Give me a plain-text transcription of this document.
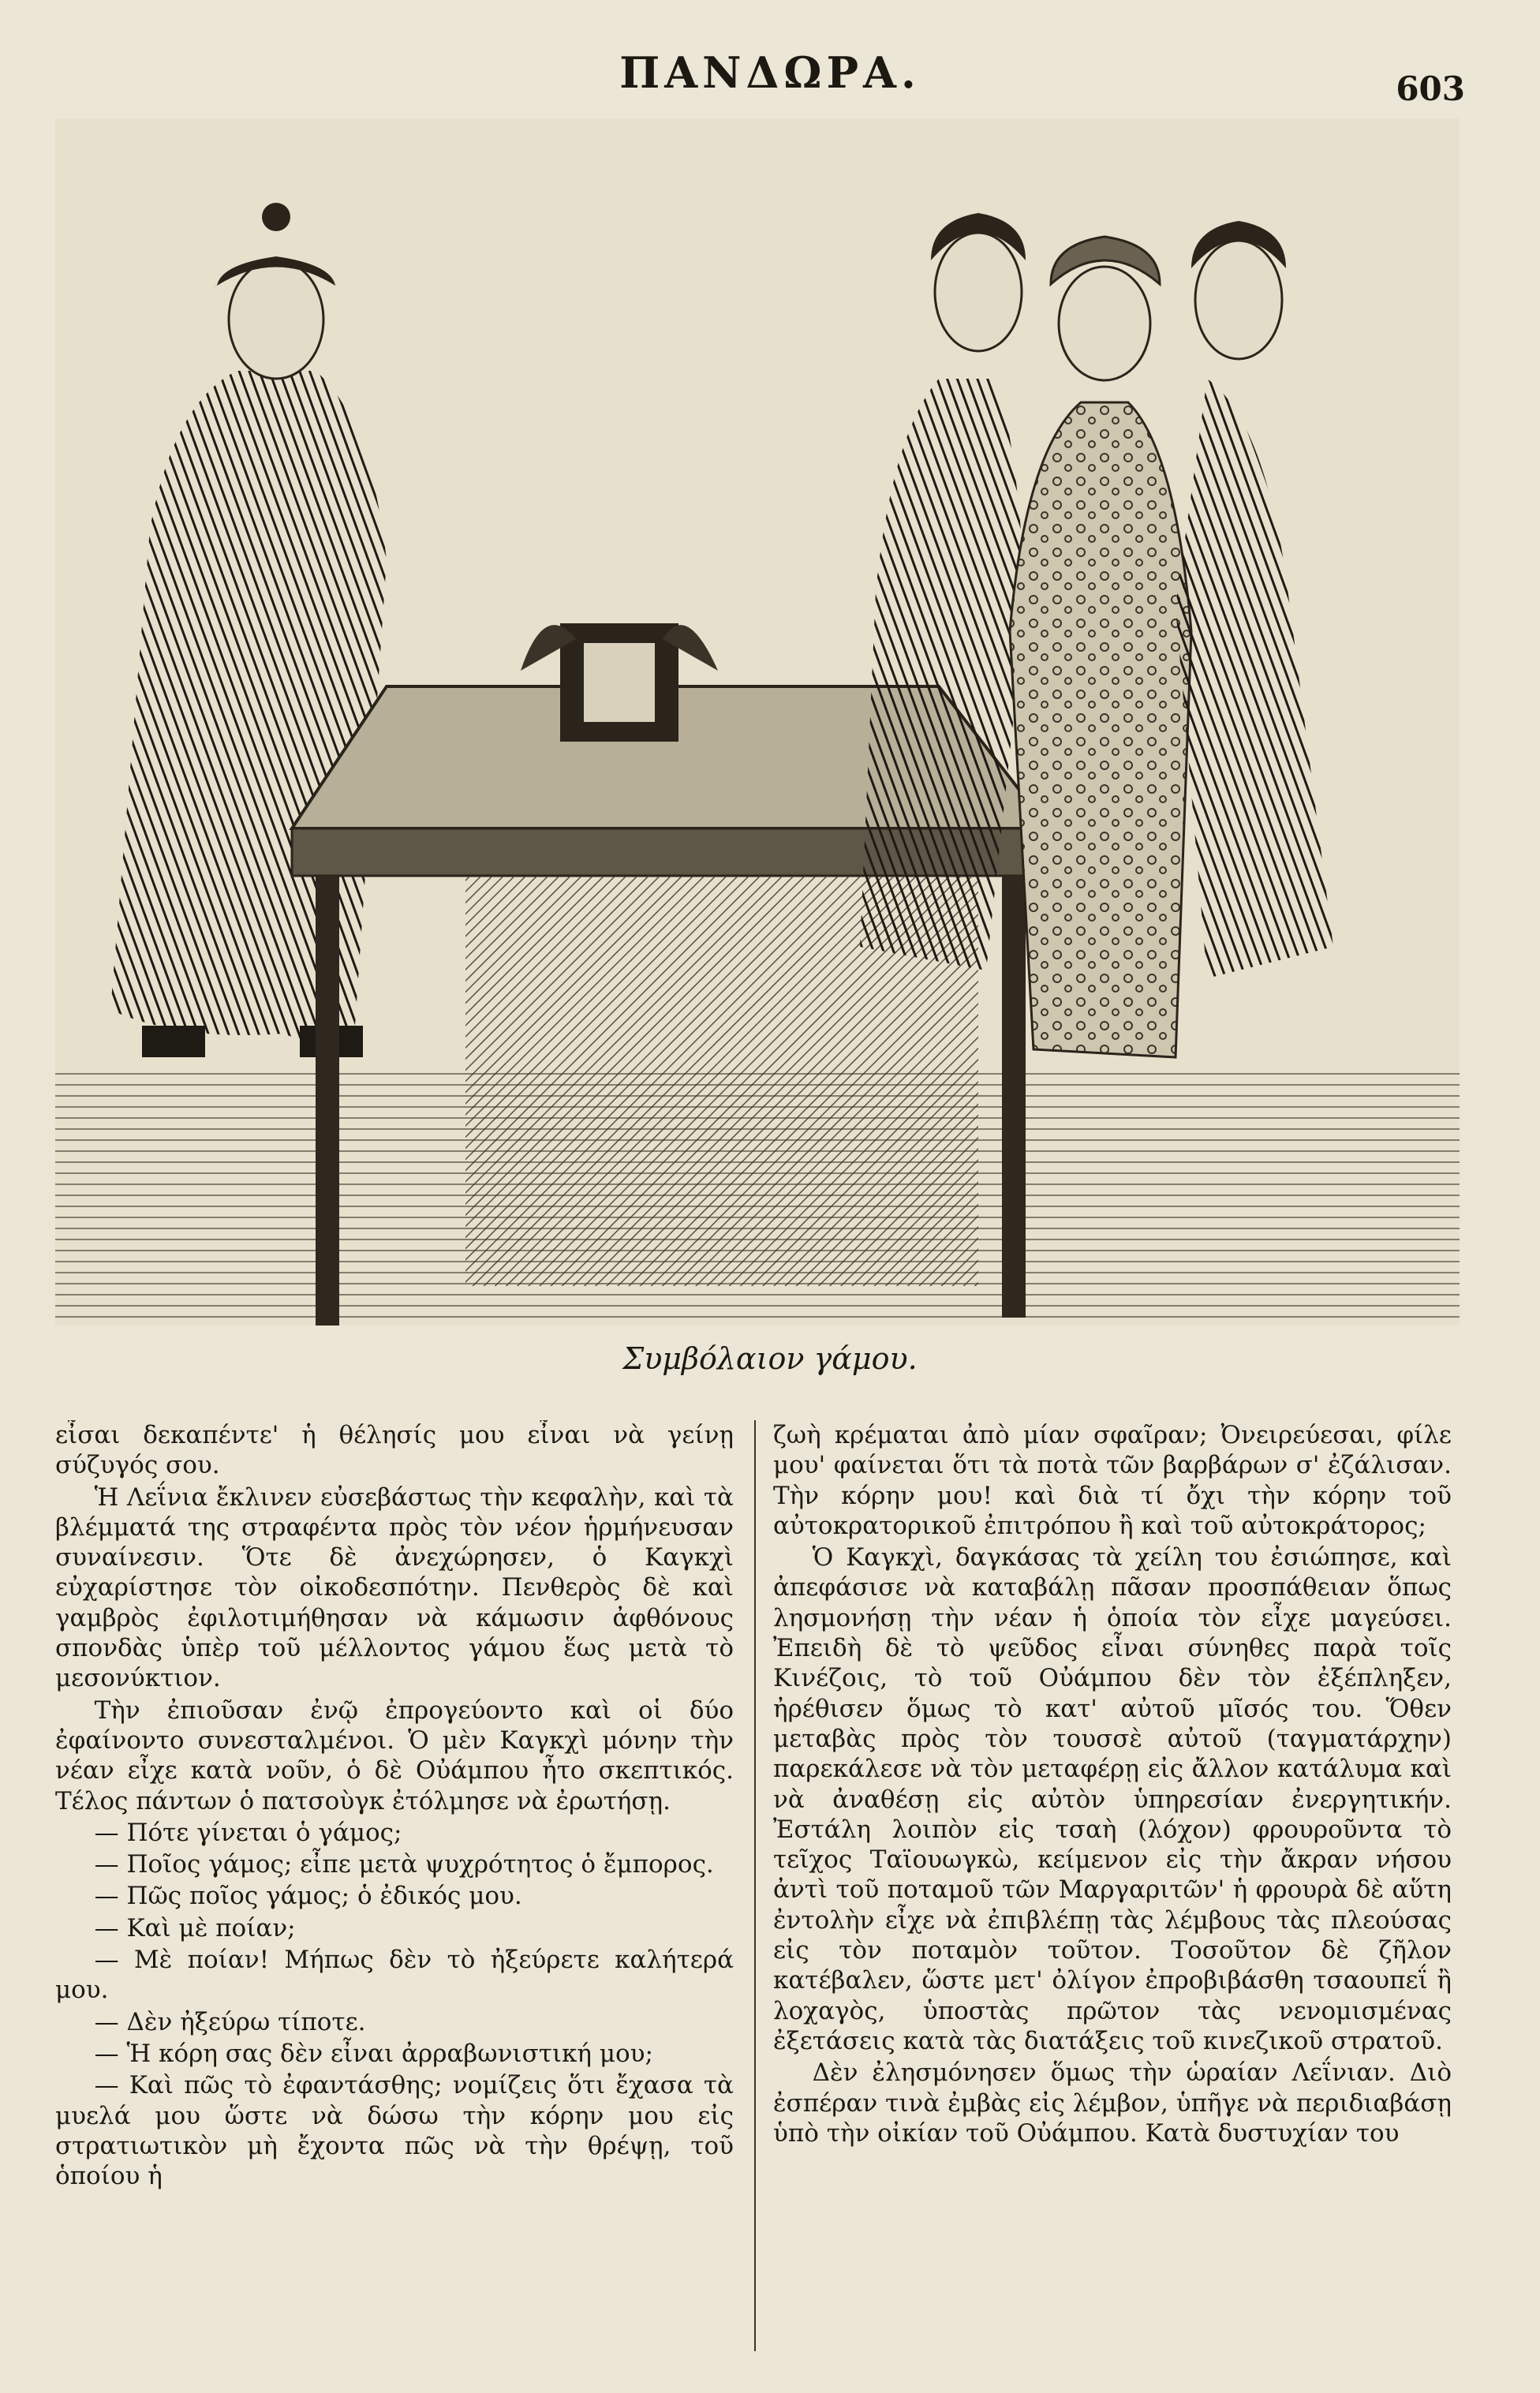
ΠΑΝΔΩΡΑ.	603
Συμβόλαιον γάμου.

εἶσαι δεκαπέντε' ἡ θέλησίς μου εἶναι νὰ γείνῃ σύζυγός σου.

Ἡ Λεΐνια ἔκλινεν εὐσεβάστως τὴν κεφαλὴν, καὶ τὰ βλέμματά της στραφέντα πρὸς τὸν νέον ἡρμήνευσαν συναίνεσιν. Ὅτε δὲ ἀνεχώρησεν, ὁ Καγκχὶ εὐχαρίστησε τὸν οἰκοδεσπότην. Πενθερὸς δὲ καὶ γαμβρὸς ἐφιλοτιμήθησαν νὰ κάμωσιν ἀφθόνους σπονδὰς ὑπὲρ τοῦ μέλλοντος γάμου ἕως μετὰ τὸ μεσονύκτιον.

Τὴν ἐπιοῦσαν ἐνῷ ἐπρογεύοντο καὶ οἱ δύο ἐφαίνοντο συνεσταλμένοι. Ὁ μὲν Καγκχὶ μόνην τὴν νέαν εἶχε κατὰ νοῦν, ὁ δὲ Οὐάμπου ἦτο σκεπτικός. Τέλος πάντων ὁ πατσοὺγκ ἐτόλμησε νὰ ἐρωτήσῃ.

— Πότε γίνεται ὁ γάμος;

— Ποῖος γάμος; εἶπε μετὰ ψυχρότητος ὁ ἔμπορος.

— Πῶς ποῖος γάμος; ὁ ἐδικός μου.

— Καὶ μὲ ποίαν;

— Μὲ ποίαν! Μήπως δὲν τὸ ἠξεύρετε καλήτερά μου.

— Δὲν ἠξεύρω τίποτε.

— Ἡ κόρη σας δὲν εἶναι ἀρραβωνιστική μου;

— Καὶ πῶς τὸ ἐφαντάσθης; νομίζεις ὅτι ἔχασα τὰ μυελά μου ὥστε νὰ δώσω τὴν κόρην μου εἰς στρατιωτικὸν μὴ ἔχοντα πῶς νὰ τὴν θρέψῃ, τοῦ ὁποίου ἡ

ζωὴ κρέμαται ἀπὸ μίαν σφαῖραν; Ὀνειρεύεσαι, φίλε μου' φαίνεται ὅτι τὰ ποτὰ τῶν βαρβάρων σ' ἐζάλισαν. Τὴν κόρην μου! καὶ διὰ τί ὄχι τὴν κόρην τοῦ αὐτοκρατορικοῦ ἐπιτρόπου ἢ καὶ τοῦ αὐτοκράτορος;

Ὁ Καγκχὶ, δαγκάσας τὰ χείλη του ἐσιώπησε, καὶ ἀπεφάσισε νὰ καταβάλῃ πᾶσαν προσπάθειαν ὅπως λησμονήσῃ τὴν νέαν ἡ ὁποία τὸν εἶχε μαγεύσει. Ἐπειδὴ δὲ τὸ ψεῦδος εἶναι σύνηθες παρὰ τοῖς Κινέζοις, τὸ τοῦ Οὐάμπου δὲν τὸν ἐξέπληξεν, ἠρέθισεν ὅμως τὸ κατ' αὐτοῦ μῖσός του. Ὅθεν μεταβὰς πρὸς τὸν τουσσὲ αὐτοῦ (ταγματάρχην) παρεκάλεσε νὰ τὸν μεταφέρῃ εἰς ἄλλον κατάλυμα καὶ νὰ ἀναθέσῃ εἰς αὐτὸν ὑπηρεσίαν ἐνεργητικήν. Ἐστάλη λοιπὸν εἰς τσαὴ (λόχον) φρουροῦντα τὸ τεῖχος Ταϊουωγκὼ, κείμενον εἰς τὴν ἄκραν νήσου ἀντὶ τοῦ ποταμοῦ τῶν Μαργαριτῶν' ἡ φρουρὰ δὲ αὕτη ἐντολὴν εἶχε νὰ ἐπιβλέπῃ τὰς λέμβους τὰς πλεούσας εἰς τὸν ποταμὸν τοῦτον. Τοσοῦτον δὲ ζῆλον κατέβαλεν, ὥστε μετ' ὀλίγον ἐπροβιβάσθη τσαουπεΐ ἢ λοχαγὸς, ὑποστὰς πρῶτον τὰς νενομισμένας ἐξετάσεις κατὰ τὰς διατάξεις τοῦ κινεζικοῦ στρατοῦ.

Δὲν ἐλησμόνησεν ὅμως τὴν ὡραίαν Λεΐνιαν. Διὸ ἐσπέραν τινὰ ἐμβὰς εἰς λέμβον, ὑπῆγε νὰ περιδιαβάσῃ ὑπὸ τὴν οἰκίαν τοῦ Οὐάμπου. Κατὰ δυστυχίαν του
